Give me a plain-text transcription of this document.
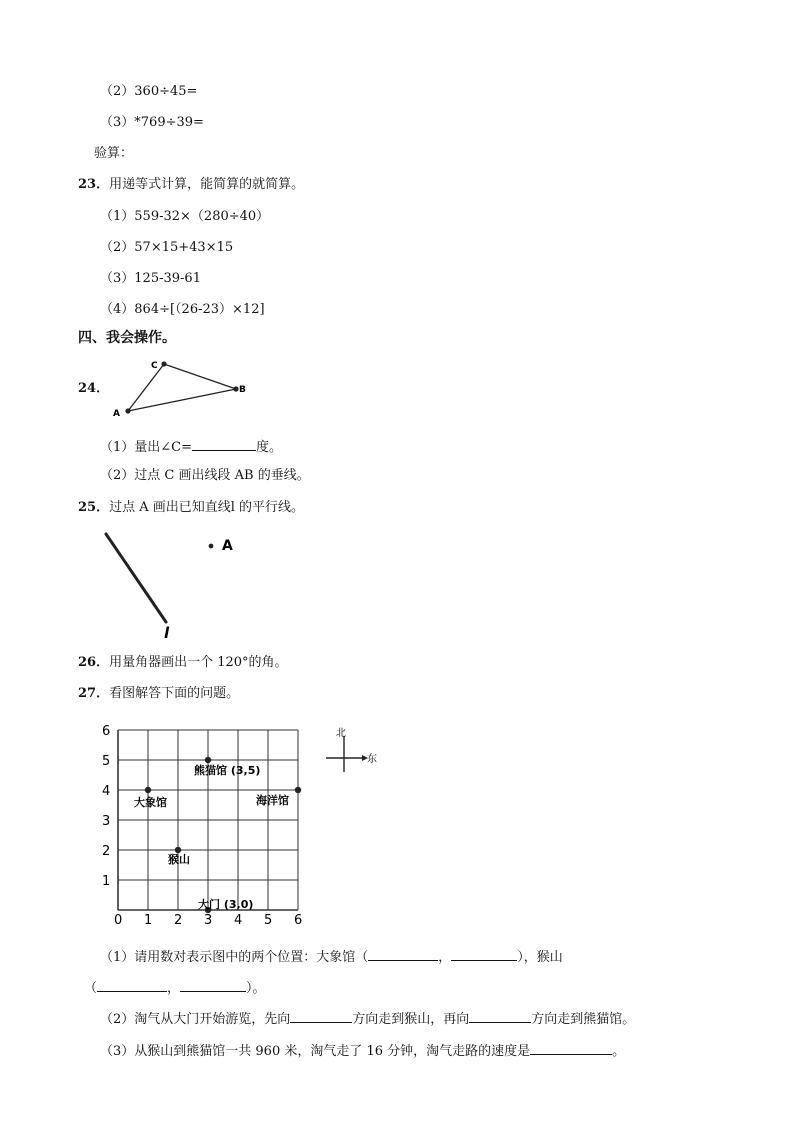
（2）360÷45=
（3）*769÷39=
验算：
23．用递等式计算，能简算的就简算。
（1）559-32×（280÷40）
（2）57×15+43×15
（3）125-39-61
（4）864÷[（26-23）×12]
四、我会操作。
24．
A
C
B
（1）量出∠C=	度。
（2）过点 C 画出线段 AB 的垂线。
25．过点 A 画出已知直线l 的平行线。
l
A
26．用量角器画出一个 120°的角。
27．看图解答下面的问题。
0 1 2 3 4 5 6
1
2
3
4
5
6
熊猫馆 (3,5)
大象馆	海洋馆
猴山
大门 (3,0)
北
东
（1）请用数对表示图中的两个位置：大象馆（	，	），猴山
（	，	）。
（2）淘气从大门开始游览，先向	方向走到猴山，再向	方向走到熊猫馆。
（3）从猴山到熊猫馆一共 960 米，淘气走了 16 分钟，淘气走路的速度是	。
